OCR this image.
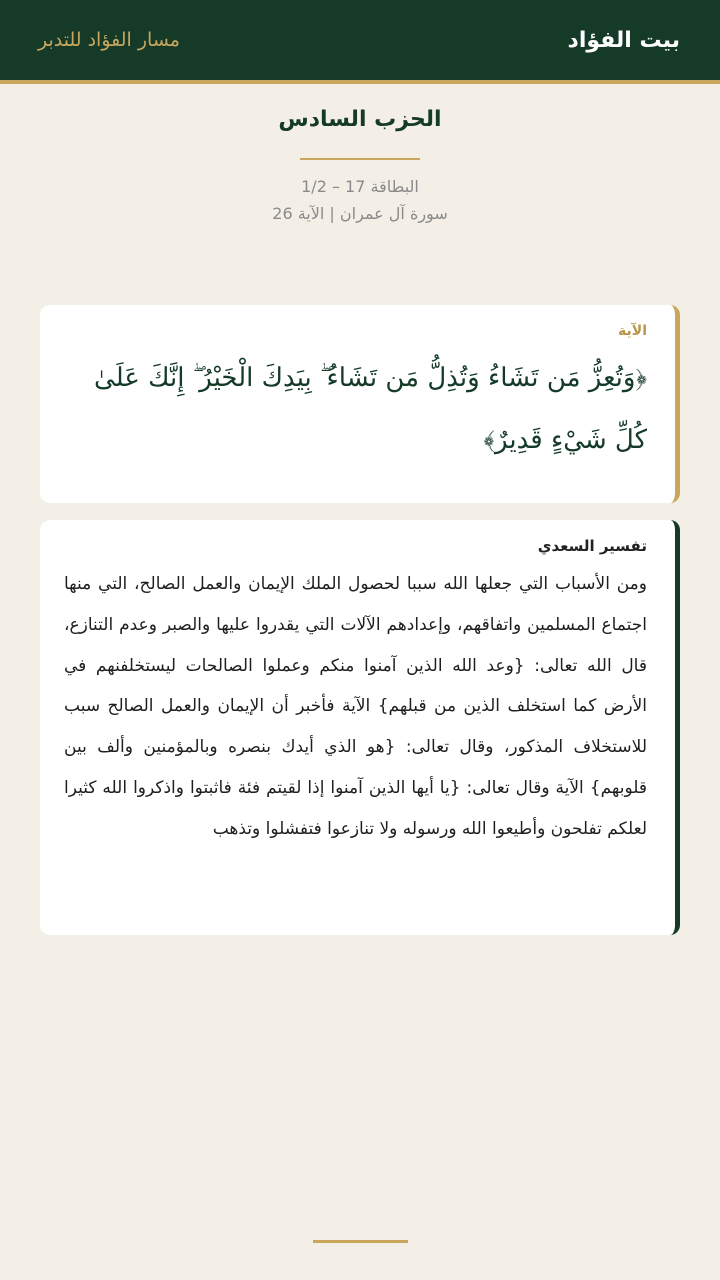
بيت الفؤاد
مسار الفؤاد للتدبر
الحزب السادس
البطاقة 17 – 1/2
سورة آل عمران | الآية 26
الآية

﴿وَتُعِزُّ مَن تَشَاءُ وَتُذِلُّ مَن تَشَاءُ ۖ بِيَدِكَ الْخَيْرُ ۖ إِنَّكَ عَلَىٰ كُلِّ شَيْءٍ قَدِيرٌ﴾

تفسير السعدي

ومن الأسباب التي جعلها الله سببا لحصول الملك الإيمان والعمل الصالح، التي منها اجتماع المسلمين واتفاقهم، وإعدادهم الآلات التي يقدروا عليها والصبر وعدم التنازع، قال الله تعالى: {وعد الله الذين آمنوا منكم وعملوا الصالحات ليستخلفنهم في الأرض كما استخلف الذين من قبلهم} الآية فأخبر أن الإيمان والعمل الصالح سبب للاستخلاف المذكور، وقال تعالى: {هو الذي أيدك بنصره وبالمؤمنين وألف بين قلوبهم} الآية وقال تعالى: {يا أيها الذين آمنوا إذا لقيتم فئة فاثبتوا واذكروا الله كثيرا لعلكم تفلحون وأطيعوا الله ورسوله ولا تنازعوا فتفشلوا وتذهب
